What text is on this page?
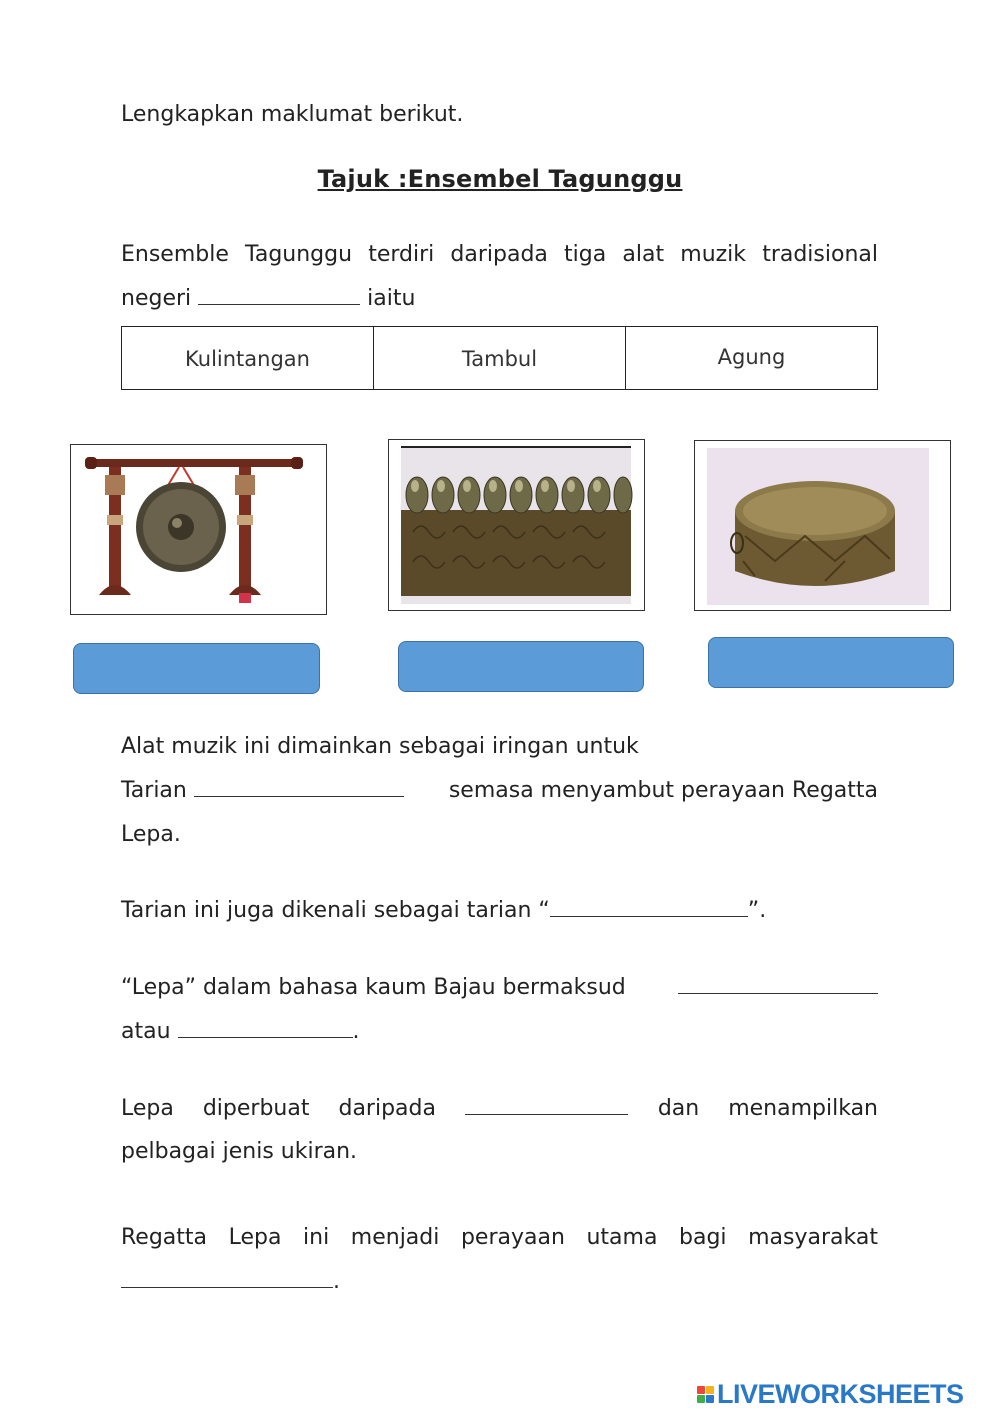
Lengkapkan maklumat berikut.
Tajuk :Ensembel Tagunggu
Ensemble Tagunggu terdiri daripada tiga alat muzik tradisional
negeri	iaitu
Kulintangan	Tambul	Agung
Alat muzik ini dimainkan sebagai iringan untuk
Tarian	semasa menyambut perayaan Regatta
Lepa.
Tarian ini juga dikenali sebagai tarian “	”.
“Lepa” dalam bahasa kaum Bajau bermaksud
atau	.
Lepa diperbuat daripada	dan menampilkan
pelbagai jenis ukiran.
Regatta Lepa ini menjadi perayaan utama bagi masyarakat
.
LIVEWORKSHEETS
